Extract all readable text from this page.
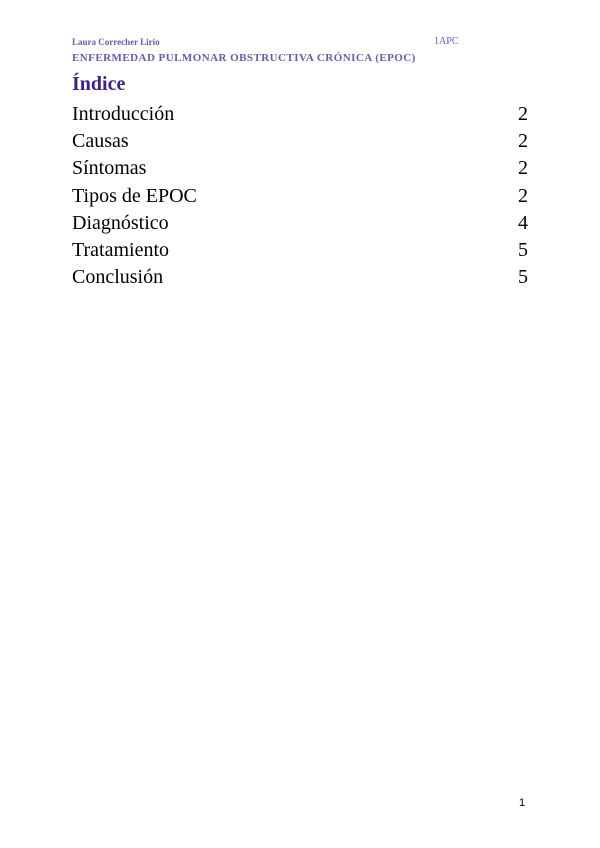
Laura Correcher Lirio	1APC
ENFERMEDAD PULMONAR OBSTRUCTIVA CRÓNICA (EPOC)
Índice
Introducción	2
Causas	2
Síntomas	2
Tipos de EPOC	2
Diagnóstico	4
Tratamiento	5
Conclusión	5
1
